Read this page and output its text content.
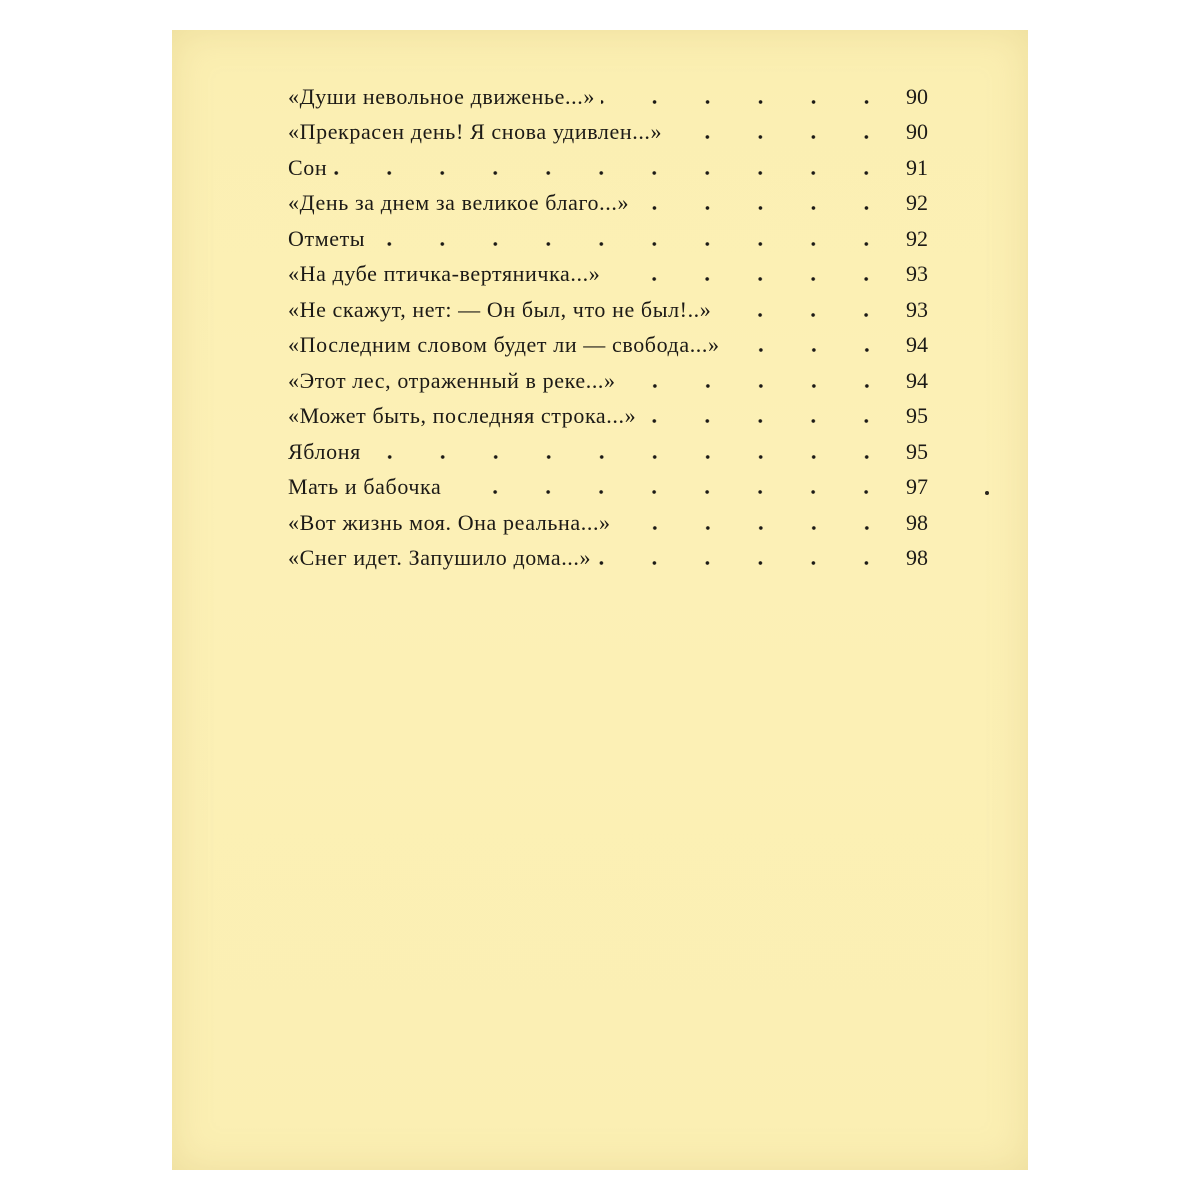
«Души невольное движенье...»	90
«Прекрасен день! Я снова удивлен...»	90
Сон	91
«День за днем за великое благо...»	92
Отметы	92
«На дубе птичка-вертяничка...»	93
«Не скажут, нет: — Он был, что не был!..»	93
«Последним словом будет ли — свобода...»	94
«Этот лес, отраженный в реке...»	94
«Может быть, последняя строка...»	95
Яблоня	95
Мать и бабочка	97
«Вот жизнь моя. Она реальна...»	98
«Снег идет. Запушило дома...»	98
